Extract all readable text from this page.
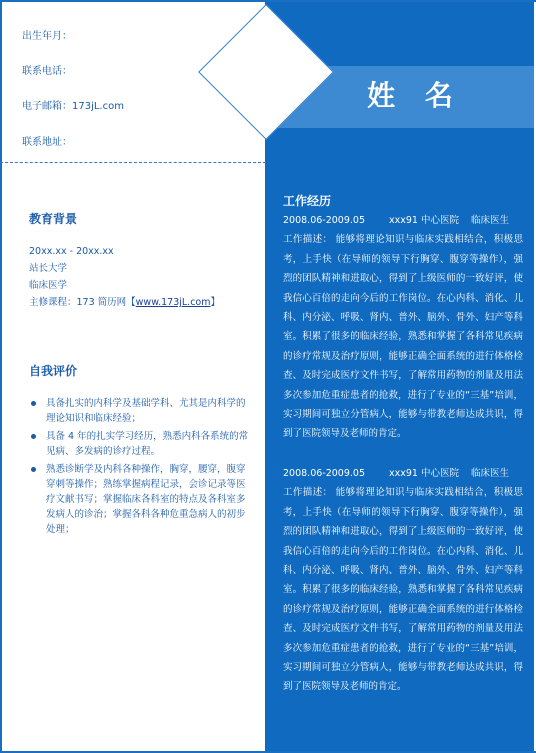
姓 名
出生年月：
联系电话：
电子邮箱：173jL.com
联系地址：
教育背景
20xx.xx - 20xx.xx
站长大学
临床医学
主修课程：173 简历网【www.173jL.com】
自我评价
具备扎实的内科学及基础学科、尤其是内科学的理论知识和临床经验；
具备 4 年的扎实学习经历，熟悉内科各系统的常见病、多发病的诊疗过程。
熟悉诊断学及内科各种操作，胸穿，腰穿，腹穿穿刺等操作；熟练掌握病程记录，会诊记录等医疗文献书写；掌握临床各科室的特点及各科室多发病人的诊治；掌握各科各种危重急病人的初步处理；
工作经历
2008.06-2009.05	xxx91 中心医院	临床医生

工作描述： 能够将理论知识与临床实践相结合，积极思考，上手快（在导师的领导下行胸穿、腹穿等操作），强烈的团队精神和进取心，得到了上级医师的一致好评，使我信心百倍的走向今后的工作岗位。在心内科、消化、儿科、内分泌、呼吸、肾内、普外、脑外、骨外、妇产等科室。积累了很多的临床经验，熟悉和掌握了各科常见疾病的诊疗常规及治疗原则，能够正确全面系统的进行体格检查、及时完成医疗文件书写，了解常用药物的剂量及用法多次参加危重症患者的抢救，进行了专业的“三基”培训，实习期间可独立分管病人，能够与带教老师达成共识，得到了医院领导及老师的肯定。

2008.06-2009.05	xxx91 中心医院	临床医生

工作描述： 能够将理论知识与临床实践相结合，积极思考，上手快（在导师的领导下行胸穿、腹穿等操作），强烈的团队精神和进取心，得到了上级医师的一致好评，使我信心百倍的走向今后的工作岗位。在心内科、消化、儿科、内分泌、呼吸、肾内、普外、脑外、骨外、妇产等科室。积累了很多的临床经验，熟悉和掌握了各科常见疾病的诊疗常规及治疗原则，能够正确全面系统的进行体格检查、及时完成医疗文件书写，了解常用药物的剂量及用法多次参加危重症患者的抢救，进行了专业的“三基”培训，实习期间可独立分管病人，能够与带教老师达成共识，得到了医院领导及老师的肯定。
